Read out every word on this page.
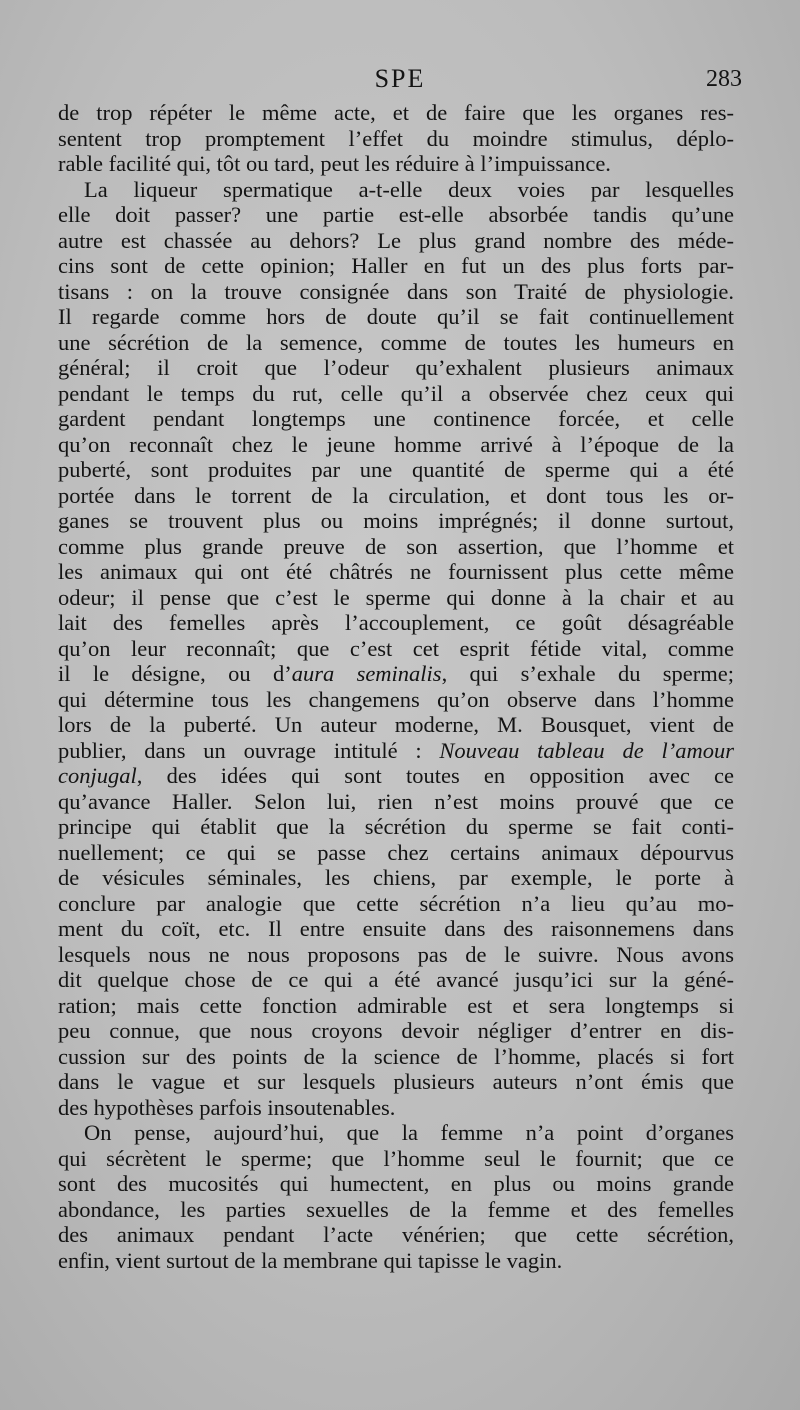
SPE	283
de trop répéter le même acte, et de faire que les organes res-
sentent trop promptement l’effet du moindre stimulus, déplo-
rable facilité qui, tôt ou tard, peut les réduire à l’impuissance.
La liqueur spermatique a-t-elle deux voies par lesquelles
elle doit passer? une partie est-elle absorbée tandis qu’une
autre est chassée au dehors? Le plus grand nombre des méde-
cins sont de cette opinion; Haller en fut un des plus forts par-
tisans : on la trouve consignée dans son Traité de physiologie.
Il regarde comme hors de doute qu’il se fait continuellement
une sécrétion de la semence, comme de toutes les humeurs en
général; il croit que l’odeur qu’exhalent plusieurs animaux
pendant le temps du rut, celle qu’il a observée chez ceux qui
gardent pendant longtemps une continence forcée, et celle
qu’on reconnaît chez le jeune homme arrivé à l’époque de la
puberté, sont produites par une quantité de sperme qui a été
portée dans le torrent de la circulation, et dont tous les or-
ganes se trouvent plus ou moins imprégnés; il donne surtout,
comme plus grande preuve de son assertion, que l’homme et
les animaux qui ont été châtrés ne fournissent plus cette même
odeur; il pense que c’est le sperme qui donne à la chair et au
lait des femelles après l’accouplement, ce goût désagréable
qu’on leur reconnaît; que c’est cet esprit fétide vital, comme
il le désigne, ou d’aura seminalis, qui s’exhale du sperme;
qui détermine tous les changemens qu’on observe dans l’homme
lors de la puberté. Un auteur moderne, M. Bousquet, vient de
publier, dans un ouvrage intitulé : Nouveau tableau de l’amour
conjugal, des idées qui sont toutes en opposition avec ce
qu’avance Haller. Selon lui, rien n’est moins prouvé que ce
principe qui établit que la sécrétion du sperme se fait conti-
nuellement; ce qui se passe chez certains animaux dépourvus
de vésicules séminales, les chiens, par exemple, le porte à
conclure par analogie que cette sécrétion n’a lieu qu’au mo-
ment du coït, etc. Il entre ensuite dans des raisonnemens dans
lesquels nous ne nous proposons pas de le suivre. Nous avons
dit quelque chose de ce qui a été avancé jusqu’ici sur la géné-
ration; mais cette fonction admirable est et sera longtemps si
peu connue, que nous croyons devoir négliger d’entrer en dis-
cussion sur des points de la science de l’homme, placés si fort
dans le vague et sur lesquels plusieurs auteurs n’ont émis que
des hypothèses parfois insoutenables.
On pense, aujourd’hui, que la femme n’a point d’organes
qui sécrètent le sperme; que l’homme seul le fournit; que ce
sont des mucosités qui humectent, en plus ou moins grande
abondance, les parties sexuelles de la femme et des femelles
des animaux pendant l’acte vénérien; que cette sécrétion,
enfin, vient surtout de la membrane qui tapisse le vagin.
